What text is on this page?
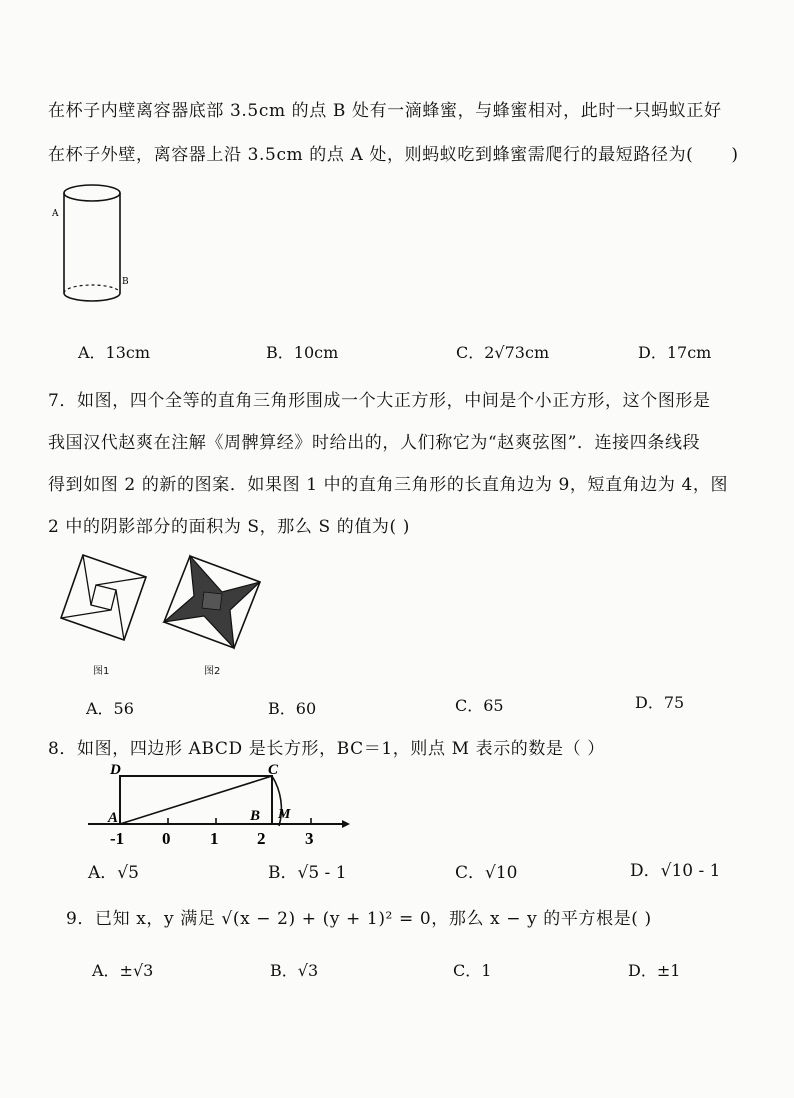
在杯子内壁离容器底部 3.5cm 的点 B 处有一滴蜂蜜，与蜂蜜相对，此时一只蚂蚁正好
在杯子外壁，离容器上沿 3.5cm 的点 A 处，则蚂蚁吃到蜂蜜需爬行的最短路径为( )
A
B
A．13cm	B．10cm	C．2√73cm	D．17cm
7．如图，四个全等的直角三角形围成一个大正方形，中间是个小正方形，这个图形是
我国汉代赵爽在注解《周髀算经》时给出的，人们称它为“赵爽弦图”．连接四条线段
得到如图 2 的新的图案．如果图 1 中的直角三角形的长直角边为 9，短直角边为 4，图
2 中的阴影部分的面积为 S，那么 S 的值为( )
图1	图2
A．56	B．60	C．65	D．75
8．如图，四边形 ABCD 是长方形，BC＝1，则点 M 表示的数是（ ）
D	C
A	B M
-1 0 1 2 3
A．√5	B．√5 - 1	C．√10	D．√10 - 1
9．已知 x，y 满足 √(x − 2) + (y + 1)² = 0，那么 x − y 的平方根是( )
A．±√3	B．√3	C．1	D．±1
